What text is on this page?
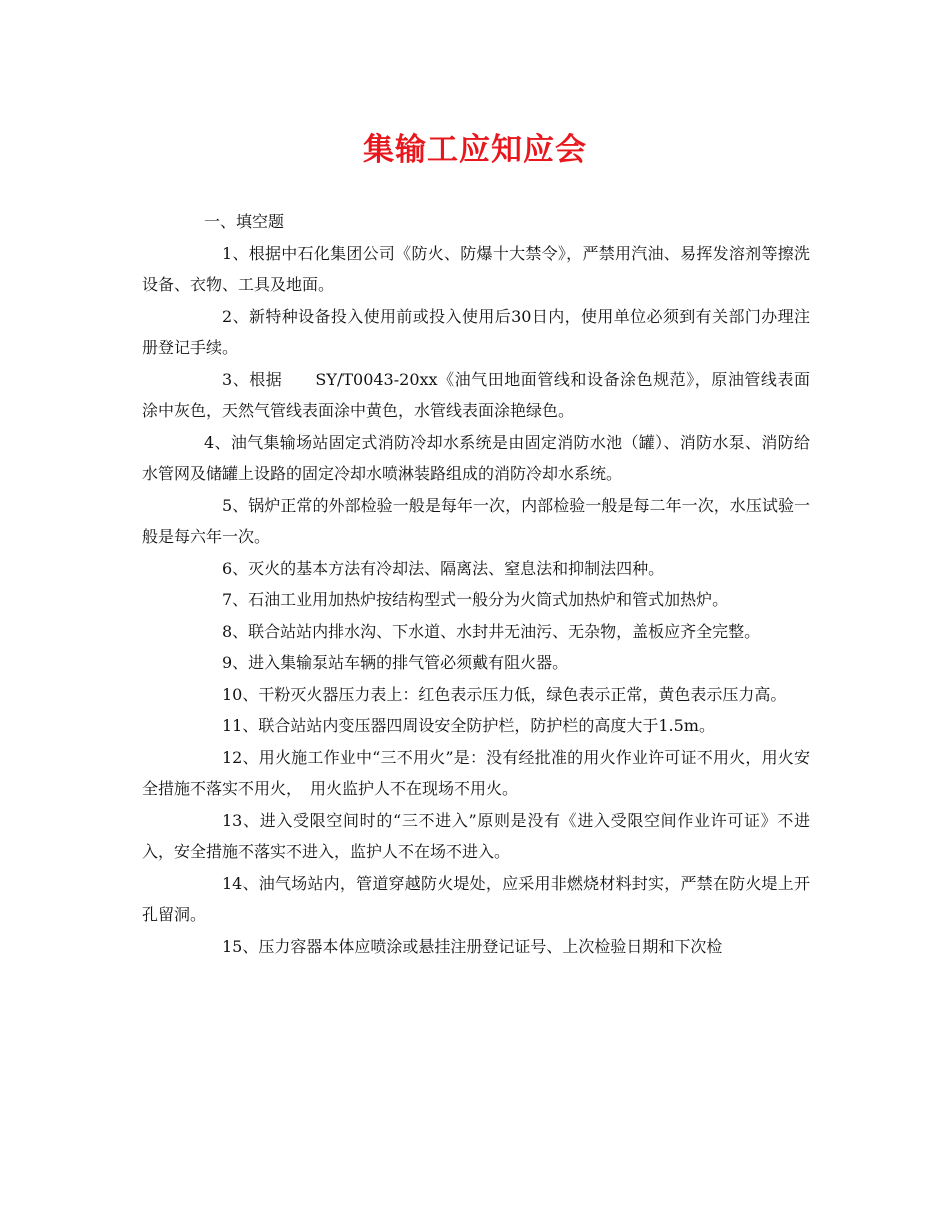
集输工应知应会

一、填空题

1、根据中石化集团公司《防火、防爆十大禁令》，严禁用汽油、易挥发溶剂等擦洗设备、衣物、工具及地面。

2、新特种设备投入使用前或投入使用后30日内，使用单位必须到有关部门办理注册登记手续。

3、根据　　SY/T0043-20xx《油气田地面管线和设备涂色规范》，原油管线表面涂中灰色，天然气管线表面涂中黄色，水管线表面涂艳绿色。

4、油气集输场站固定式消防冷却水系统是由固定消防水池（罐）、消防水泵、消防给水管网及储罐上设路的固定冷却水喷淋装路组成的消防冷却水系统。

5、锅炉正常的外部检验一般是每年一次，内部检验一般是每二年一次，水压试验一般是每六年一次。

6、灭火的基本方法有冷却法、隔离法、窒息法和抑制法四种。

7、石油工业用加热炉按结构型式一般分为火筒式加热炉和管式加热炉。

8、联合站站内排水沟、下水道、水封井无油污、无杂物，盖板应齐全完整。

9、进入集输泵站车辆的排气管必须戴有阻火器。

10、干粉灭火器压力表上：红色表示压力低，绿色表示正常，黄色表示压力高。

11、联合站站内变压器四周设安全防护栏，防护栏的高度大于1.5m。

12、用火施工作业中“三不用火”是：没有经批准的用火作业许可证不用火，用火安全措施不落实不用火，　用火监护人不在现场不用火。

13、进入受限空间时的“三不进入”原则是没有《进入受限空间作业许可证》不进入，安全措施不落实不进入，监护人不在场不进入。

14、油气场站内，管道穿越防火堤处，应采用非燃烧材料封实，严禁在防火堤上开孔留洞。

15、压力容器本体应喷涂或悬挂注册登记证号、上次检验日期和下次检
